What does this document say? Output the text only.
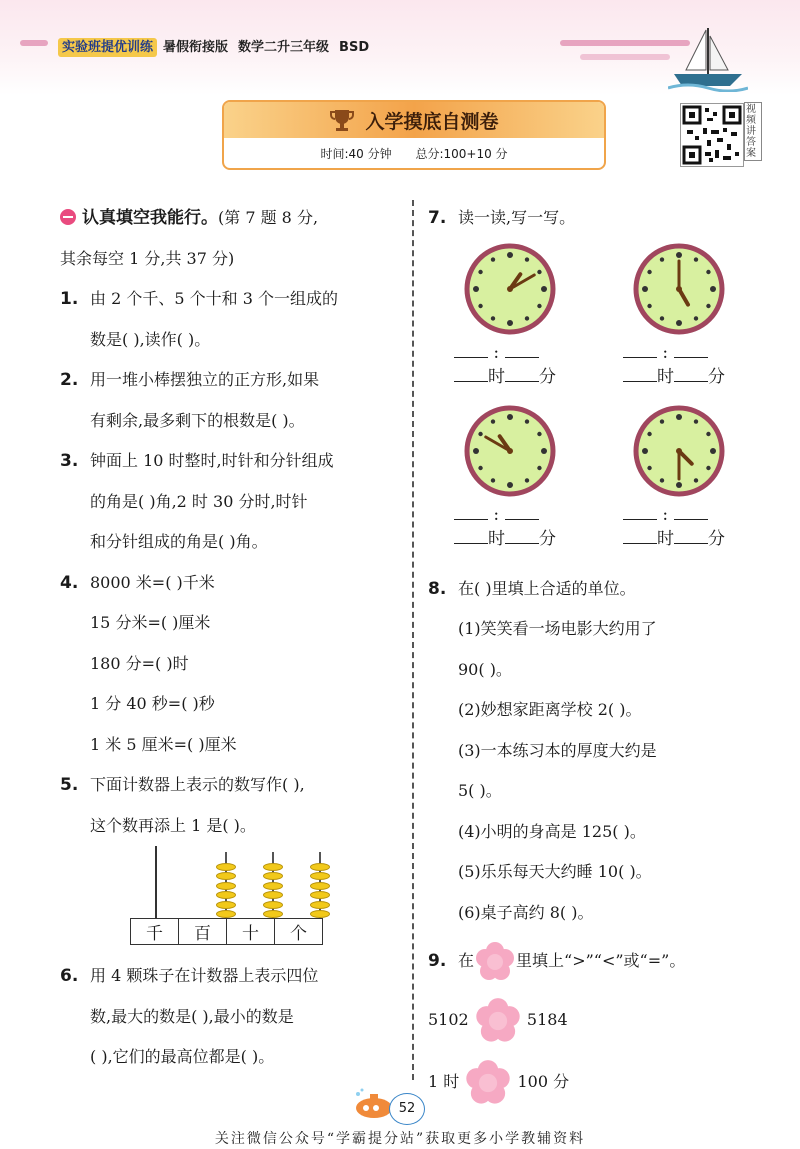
实验班提优训练 暑假衔接版 数学二升三年级 BSD
入学摸底自测卷
时间:40 分钟 总分:100+10 分
视频讲答案
认真填空我能行。(第 7 题 8 分,
其余每空 1 分,共 37 分)
1. 由 2 个千、5 个十和 3 个一组成的
数是( ),读作( )。
2. 用一堆小棒摆独立的正方形,如果
有剩余,最多剩下的根数是( )。
3. 钟面上 10 时整时,时针和分针组成
的角是( )角,2 时 30 分时,时针
和分针组成的角是( )角。
4. 8000 米=( )千米
15 分米=( )厘米
180 分=( )时
1 分 40 秒=( )秒
1 米 5 厘米=( )厘米
5. 下面计数器上表示的数写作( ),
这个数再添上 1 是( )。
千	百	十	个
6. 用 4 颗珠子在计数器上表示四位
数,最大的数是( ),最小的数是
( ),它们的最高位都是( )。
7. 读一读,写一写。
:
时 分
:
时 分
:
时 分
:
时 分
8. 在( )里填上合适的单位。
(1)笑笑看一场电影大约用了
90( )。
(2)妙想家距离学校 2( )。
(3)一本练习本的厚度大约是
5( )。
(4)小明的身高是 125( )。
(5)乐乐每天大约睡 10( )。
(6)桌子高约 8( )。
9. 在	里填上“>”“<”或“=”。
5102	5184
1 时	100 分
52
关注微信公众号“学霸提分站”获取更多小学教辅资料
